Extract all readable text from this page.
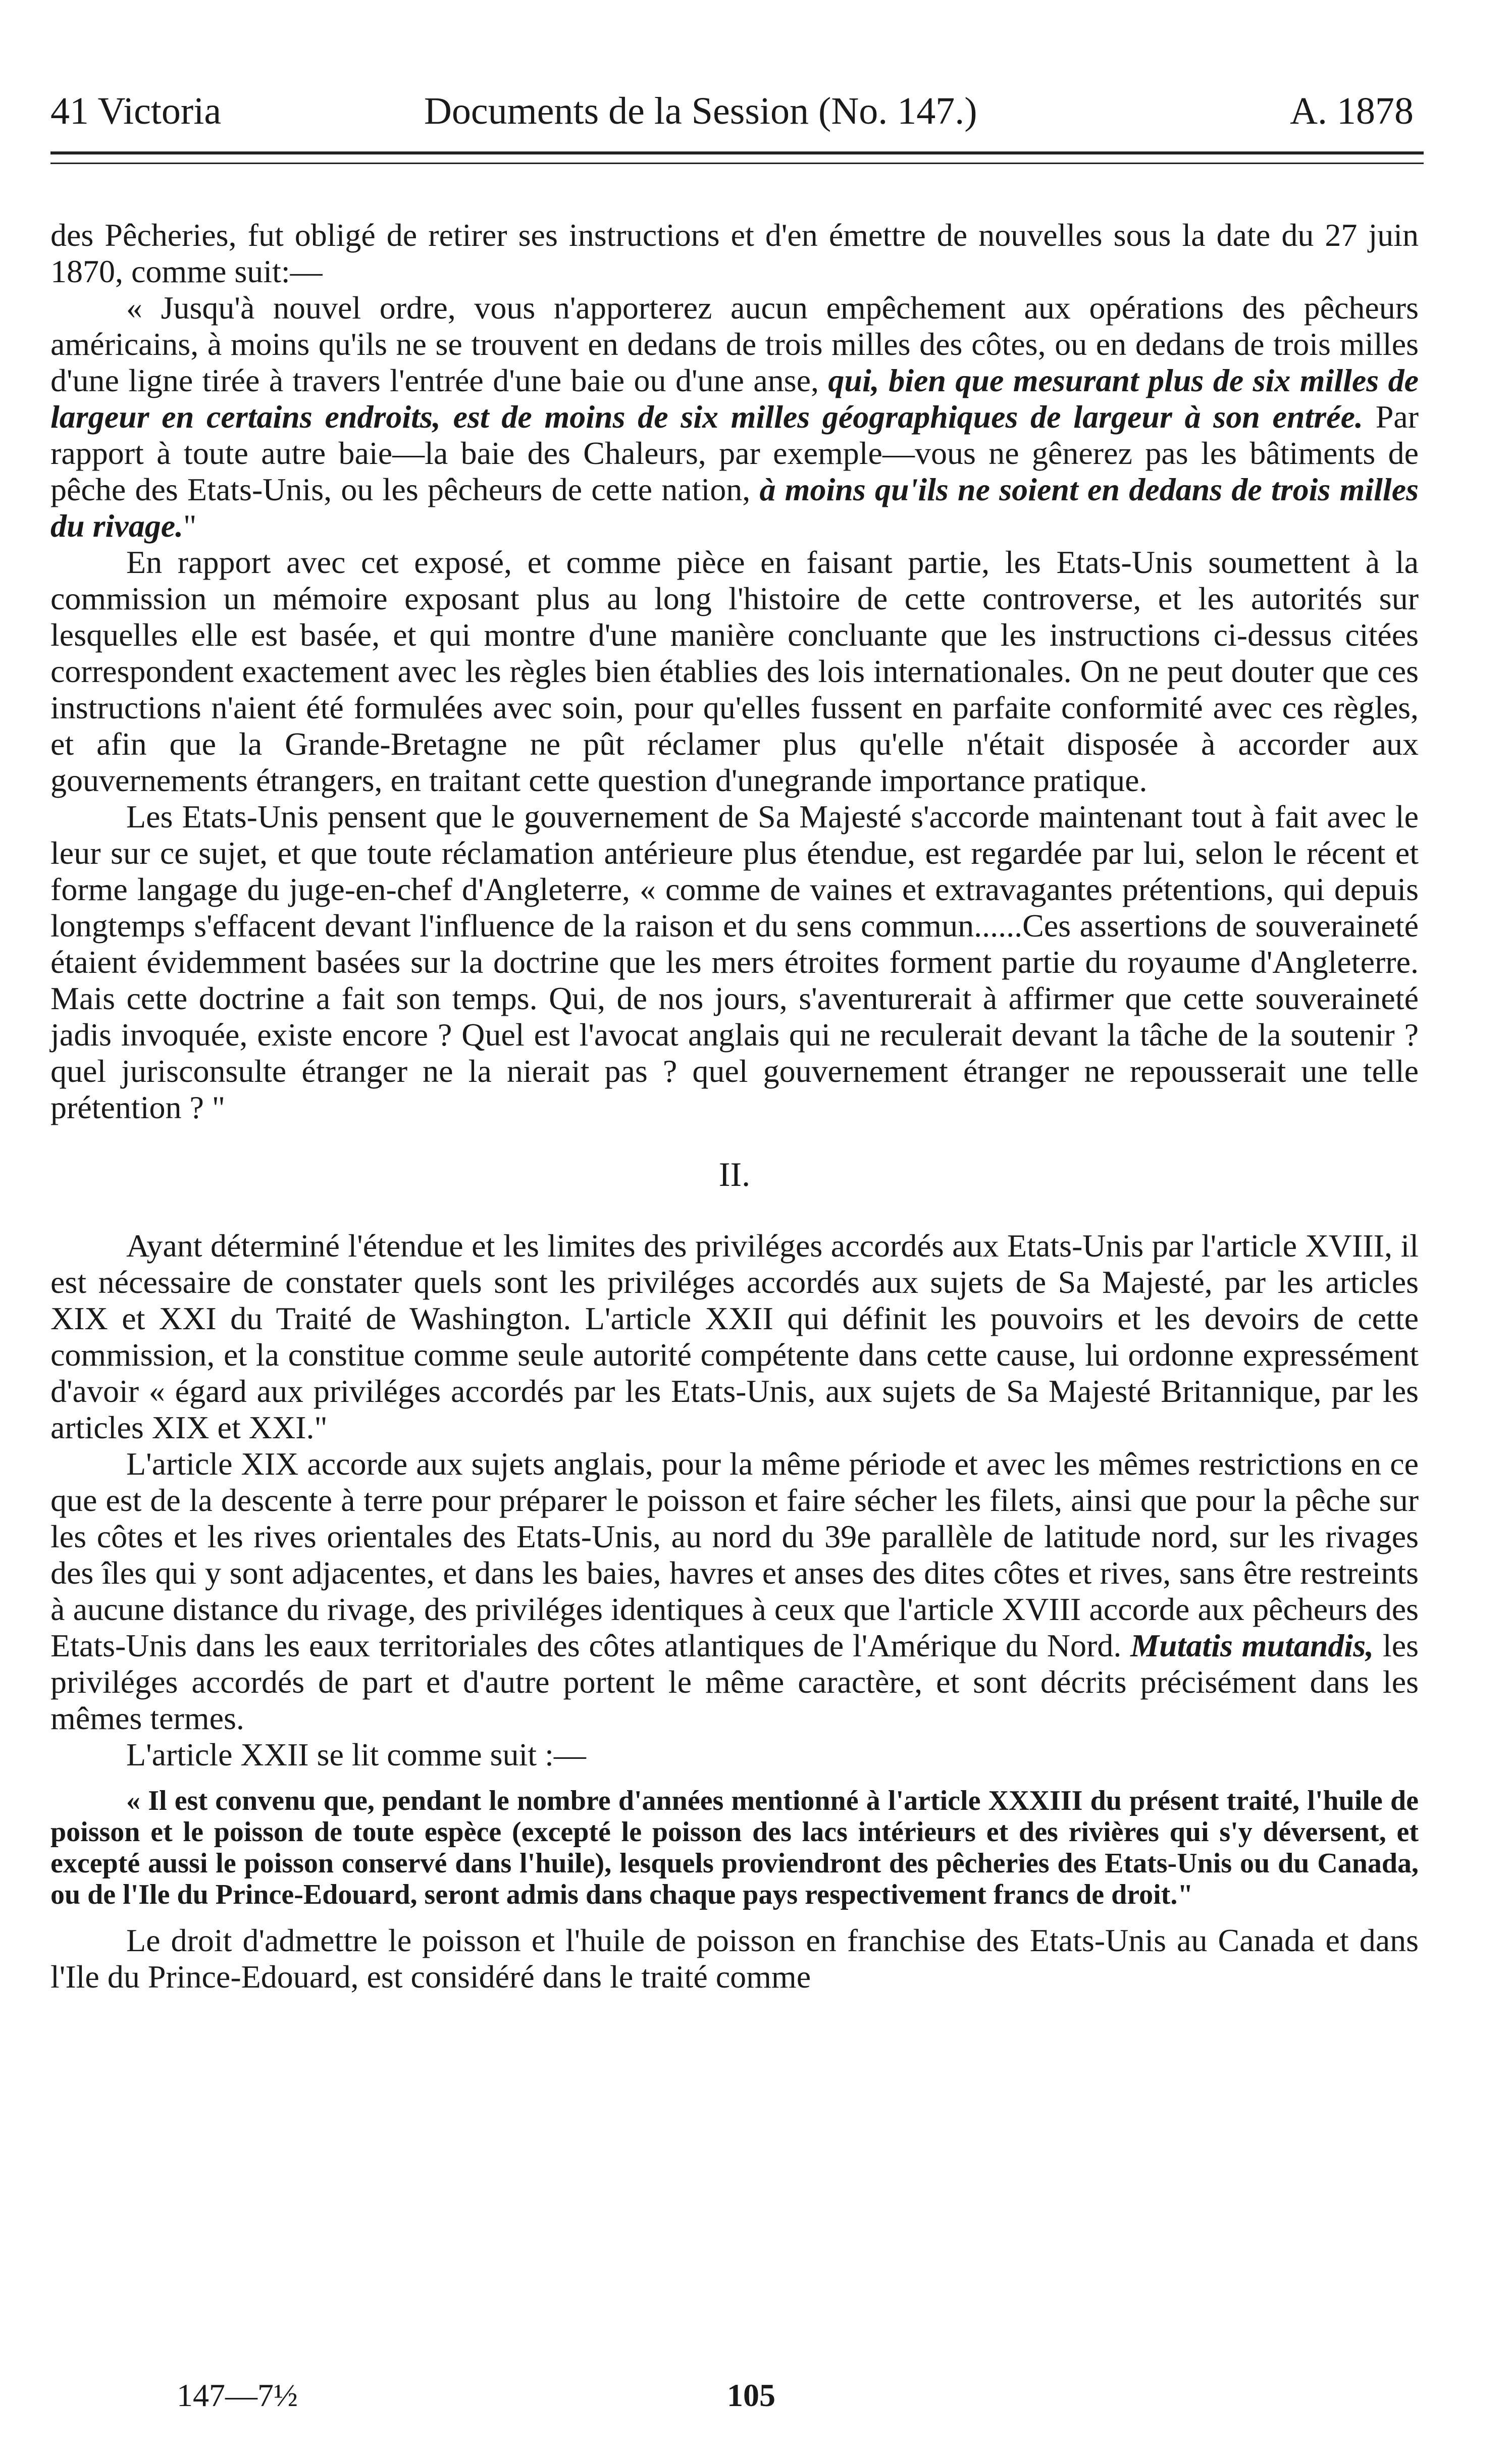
41 Victoria	Documents de la Session (No. 147.)	A. 1878

des Pêcheries, fut obligé de retirer ses instructions et d'en émettre de nouvelles sous la date du 27 juin 1870, comme suit:—

« Jusqu'à nouvel ordre, vous n'apporterez aucun empêchement aux opérations des pêcheurs américains, à moins qu'ils ne se trouvent en dedans de trois milles des côtes, ou en dedans de trois milles d'une ligne tirée à travers l'entrée d'une baie ou d'une anse, qui, bien que mesurant plus de six milles de largeur en certains endroits, est de moins de six milles géographiques de largeur à son entrée. Par rapport à toute autre baie—la baie des Chaleurs, par exemple—vous ne gênerez pas les bâtiments de pêche des Etats-Unis, ou les pêcheurs de cette nation, à moins qu'ils ne soient en dedans de trois milles du rivage."

En rapport avec cet exposé, et comme pièce en faisant partie, les Etats-Unis soumettent à la commission un mémoire exposant plus au long l'histoire de cette controverse, et les autorités sur lesquelles elle est basée, et qui montre d'une manière concluante que les instructions ci-dessus citées correspondent exactement avec les règles bien établies des lois internationales. On ne peut douter que ces instructions n'aient été formulées avec soin, pour qu'elles fussent en parfaite conformité avec ces règles, et afin que la Grande-Bretagne ne pût réclamer plus qu'elle n'était disposée à accorder aux gouvernements étrangers, en traitant cette question d'unegrande importance pratique.

Les Etats-Unis pensent que le gouvernement de Sa Majesté s'accorde maintenant tout à fait avec le leur sur ce sujet, et que toute réclamation antérieure plus étendue, est regardée par lui, selon le récent et forme langage du juge-en-chef d'Angleterre, « comme de vaines et extravagantes prétentions, qui depuis longtemps s'effacent devant l'influence de la raison et du sens commun......Ces assertions de souveraineté étaient évidemment basées sur la doctrine que les mers étroites forment partie du royaume d'Angleterre. Mais cette doctrine a fait son temps. Qui, de nos jours, s'aventurerait à affirmer que cette souveraineté jadis invoquée, existe encore ? Quel est l'avocat anglais qui ne reculerait devant la tâche de la soutenir ? quel jurisconsulte étranger ne la nierait pas ? quel gouvernement étranger ne repousserait une telle prétention ? "

II.

Ayant déterminé l'étendue et les limites des priviléges accordés aux Etats-Unis par l'article XVIII, il est nécessaire de constater quels sont les priviléges accordés aux sujets de Sa Majesté, par les articles XIX et XXI du Traité de Washington. L'article XXII qui définit les pouvoirs et les devoirs de cette commission, et la constitue comme seule autorité compétente dans cette cause, lui ordonne expressément d'avoir « égard aux priviléges accordés par les Etats-Unis, aux sujets de Sa Majesté Britannique, par les articles XIX et XXI."

L'article XIX accorde aux sujets anglais, pour la même période et avec les mêmes restrictions en ce que est de la descente à terre pour préparer le poisson et faire sécher les filets, ainsi que pour la pêche sur les côtes et les rives orientales des Etats-Unis, au nord du 39e parallèle de latitude nord, sur les rivages des îles qui y sont adjacentes, et dans les baies, havres et anses des dites côtes et rives, sans être restreints à aucune distance du rivage, des priviléges identiques à ceux que l'article XVIII accorde aux pêcheurs des Etats-Unis dans les eaux territoriales des côtes atlantiques de l'Amérique du Nord. Mutatis mutandis, les priviléges accordés de part et d'autre portent le même caractère, et sont décrits précisément dans les mêmes termes.

L'article XXII se lit comme suit :—

« Il est convenu que, pendant le nombre d'années mentionné à l'article XXXIII du présent traité, l'huile de poisson et le poisson de toute espèce (excepté le poisson des lacs intérieurs et des rivières qui s'y déversent, et excepté aussi le poisson conservé dans l'huile), lesquels proviendront des pêcheries des Etats-Unis ou du Canada, ou de l'Ile du Prince-Edouard, seront admis dans chaque pays respectivement francs de droit."

Le droit d'admettre le poisson et l'huile de poisson en franchise des Etats-Unis au Canada et dans l'Ile du Prince-Edouard, est considéré dans le traité comme

147—7½	105
